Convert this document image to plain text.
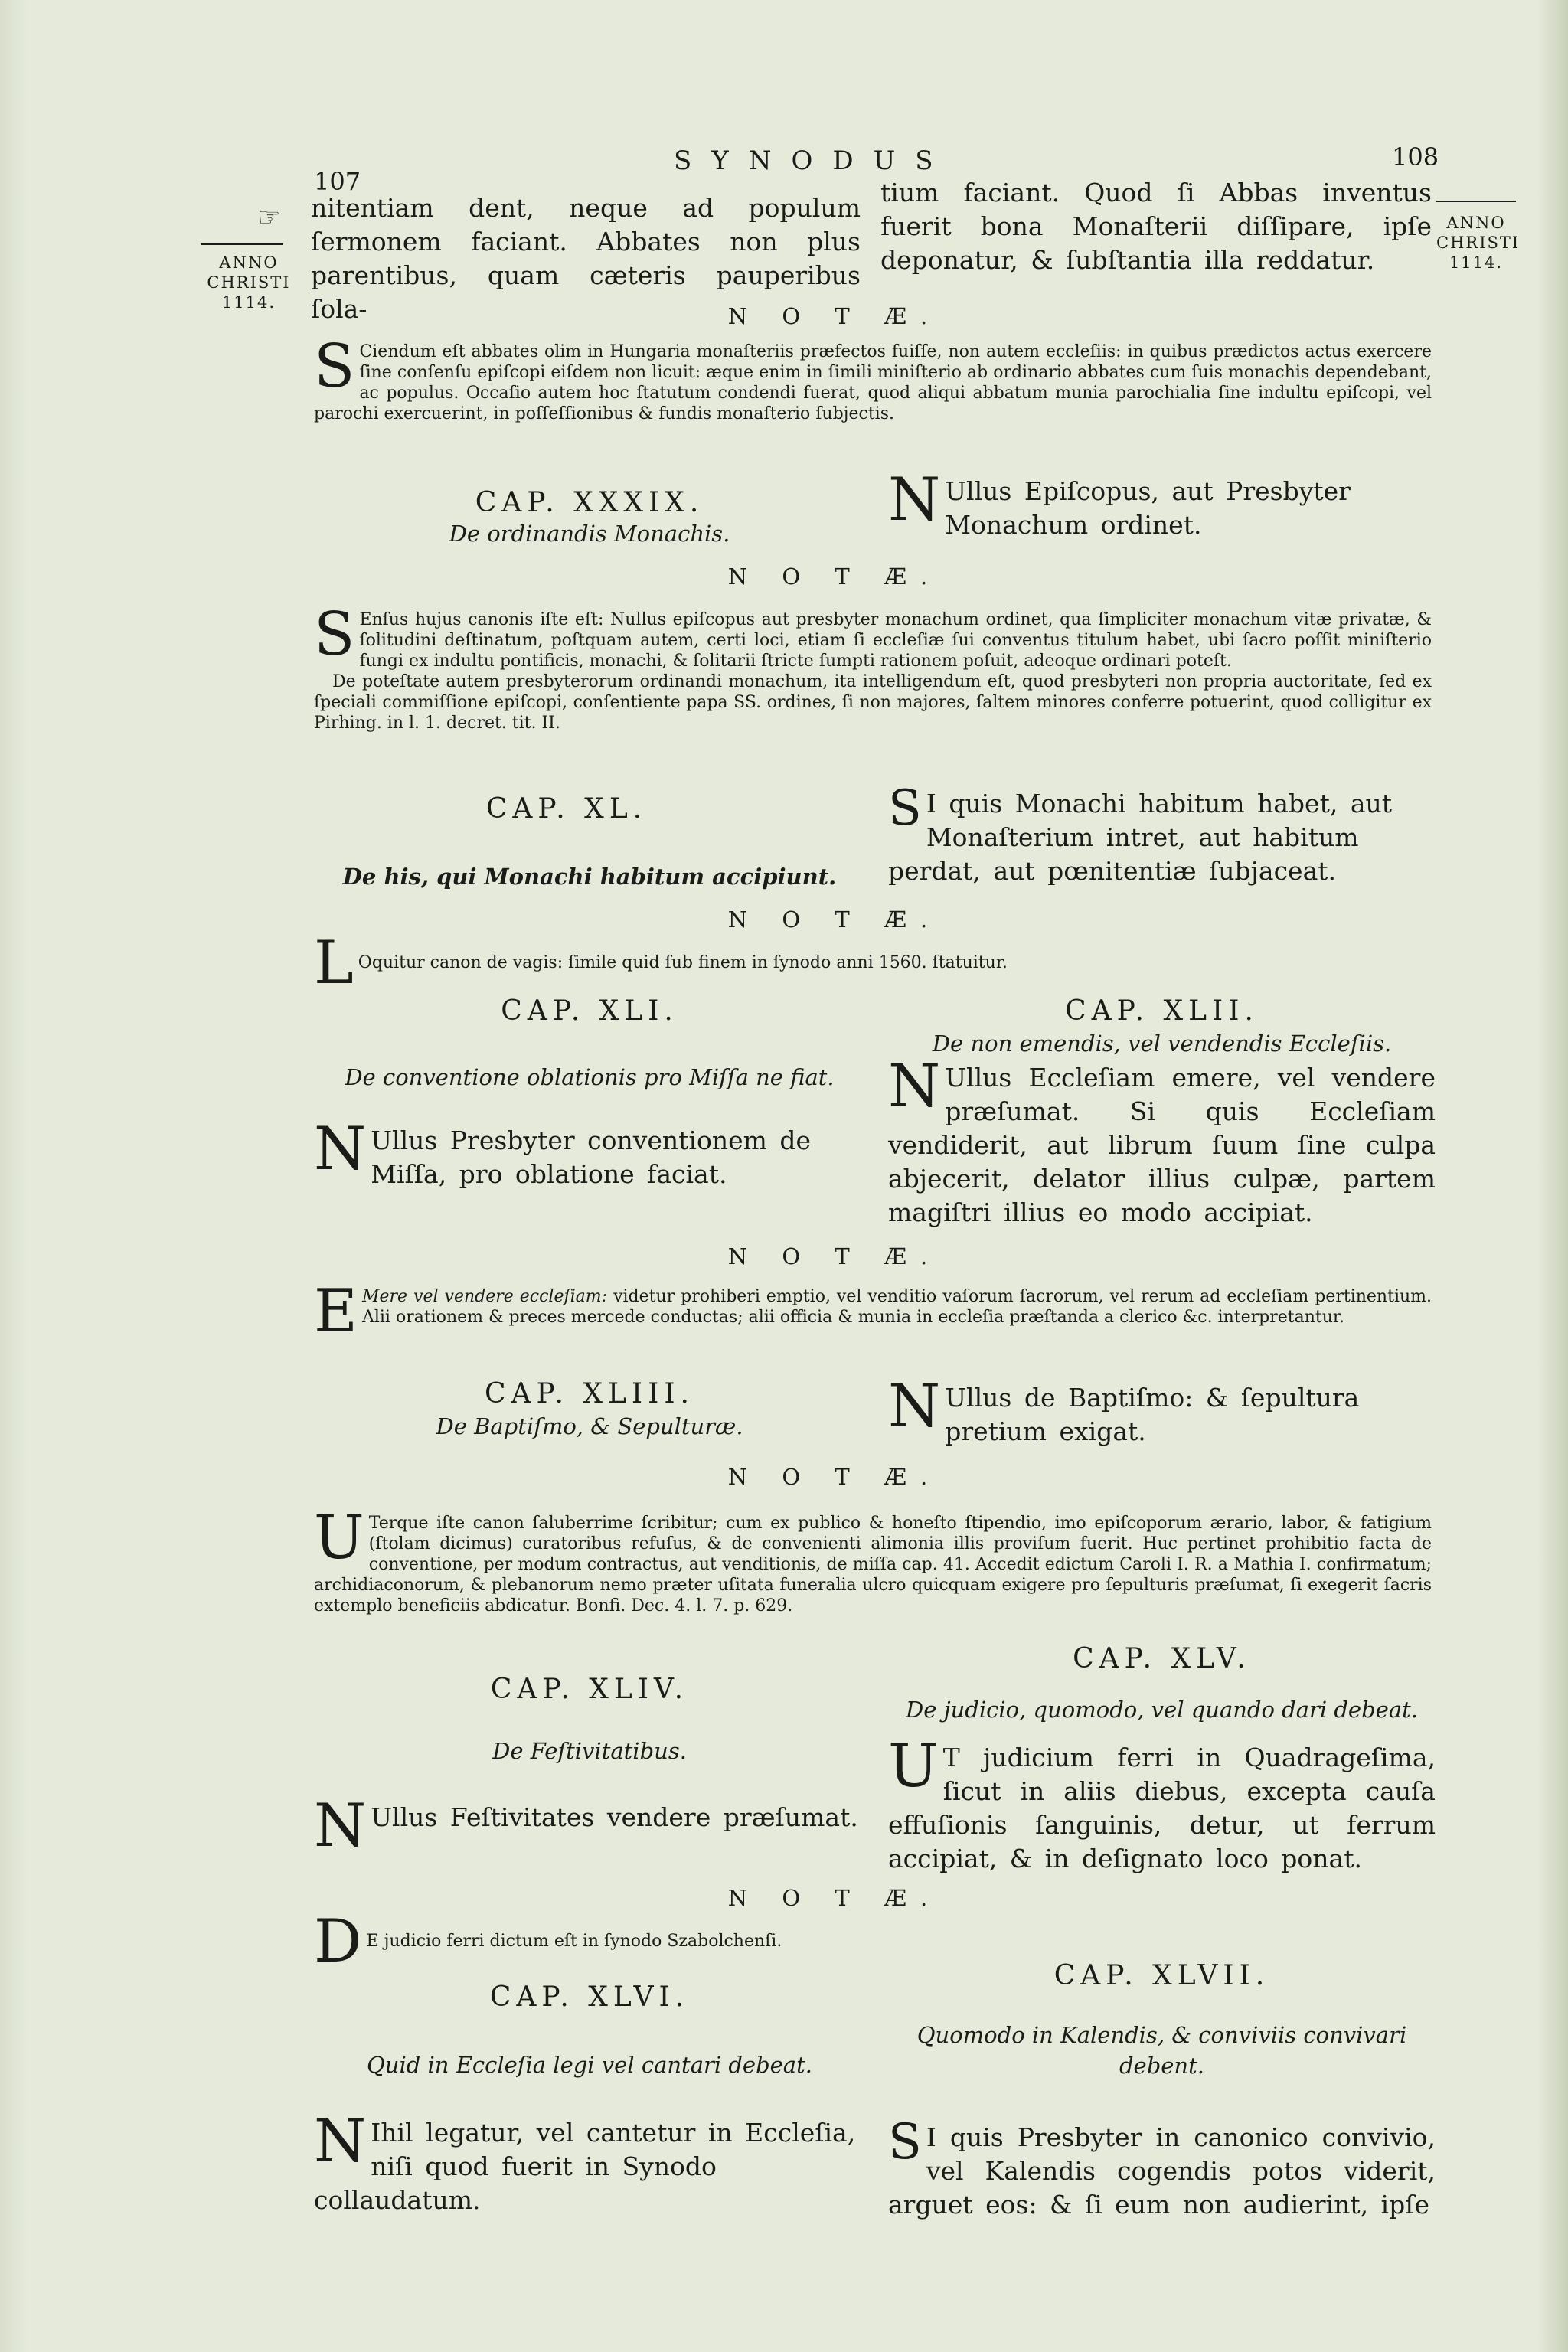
107
SYNODUS	108
☞
ANNO
CHRISTI
1114.
ANNO
CHRISTI
1114.
nitentiam dent, neque ad populum ſermonem faciant. Abbates non plus parentibus, quam cæteris pauperibus ſola-
tium faciant. Quod ſi Abbas inventus fuerit bona Monaſterii diſſipare, ipſe deponatur, & ſubſtantia illa reddatur.
N O T Æ.
S Ciendum eſt abbates olim in Hungaria monaſteriis præfectos fuiſſe, non autem eccleſiis: in quibus prædictos actus exercere ſine conſenſu epiſcopi eiſdem non licuit: æque enim in ſimili miniſterio ab ordinario abbates cum ſuis monachis dependebant, ac populus. Occaſio autem hoc ſtatutum condendi fuerat, quod aliqui abbatum munia parochialia ſine indultu epiſcopi, vel parochi exercuerint, in poſſeſſionibus & fundis monaſterio ſubjectis.
CAP. XXXIX.
De ordinandis Monachis.	N Ullus Epiſcopus, aut Presbyter Monachum ordinet.
N O T Æ.
S Enſus hujus canonis iſte eſt: Nullus epiſcopus aut presbyter monachum ordinet, qua ſimpliciter monachum vitæ privatæ, & ſolitudini deſtinatum, poſtquam autem, certi loci, etiam ſi eccleſiæ ſui conventus titulum habet, ubi ſacro poſſit miniſterio fungi ex indultu pontificis, monachi, & ſolitarii ſtricte ſumpti rationem poſuit, adeoque ordinari poteſt.
De poteſtate autem presbyterorum ordinandi monachum, ita intelligendum eſt, quod presbyteri non propria auctoritate, ſed ex ſpeciali commiſſione epiſcopi, conſentiente papa SS. ordines, ſi non majores, ſaltem minores conferre potuerint, quod colligitur ex Pirhing. in l. 1. decret. tit. II.
CAP. XL.
De his, qui Monachi habitum accipiunt.
S I quis Monachi habitum habet, aut Monaſterium intret, aut habitum perdat, aut pœnitentiæ ſubjaceat.
N O T Æ.
L Oquitur canon de vagis: ſimile quid ſub finem in ſynodo anni 1560. ſtatuitur.
CAP. XLI.
De conventione oblationis pro Miſſa ne fiat.
N Ullus Presbyter conventionem de Miſſa, pro oblatione faciat.
CAP. XLII.
De non emendis, vel vendendis Eccleſiis.
N Ullus Eccleſiam emere, vel vendere præſumat. Si quis Eccleſiam vendiderit, aut librum ſuum ſine culpa abjecerit, delator illius culpæ, partem magiſtri illius eo modo accipiat.
N O T Æ.
E Mere vel vendere eccleſiam: videtur prohiberi emptio, vel venditio vaſorum ſacrorum, vel rerum ad eccleſiam pertinentium. Alii orationem & preces mercede conductas; alii officia & munia in eccleſia præſtanda a clerico &c. interpretantur.
CAP. XLIII.
De Baptiſmo, & Sepulturæ.	N Ullus de Baptiſmo: & ſepultura pretium exigat.
N O T Æ.
U Terque iſte canon ſaluberrime ſcribitur; cum ex publico & honeſto ſtipendio, imo epiſcoporum ærario, labor, & fatigium (ſtolam dicimus) curatoribus refuſus, & de convenienti alimonia illis proviſum fuerit. Huc pertinet prohibitio facta de conventione, per modum contractus, aut venditionis, de miſſa cap. 41. Accedit edictum Caroli I. R. a Mathia I. confirmatum; archidiaconorum, & plebanorum nemo præter uſitata funeralia ulcro quicquam exigere pro ſepulturis præſumat, ſi exegerit ſacris extemplo beneficiis abdicatur. Bonfi. Dec. 4. l. 7. p. 629.
CAP. XLIV.
De Feſtivitatibus.
N Ullus Feſtivitates vendere præſumat.
CAP. XLV.
De judicio, quomodo, vel quando dari debeat.
U T judicium ferri in Quadrageſima, ſicut in aliis diebus, excepta cauſa effuſionis ſanguinis, detur, ut ferrum accipiat, & in deſignato loco ponat.
N O T Æ.
D E judicio ferri dictum eſt in ſynodo Szabolchenſi.
CAP. XLVI.
Quid in Eccleſia legi vel cantari debeat.
N Ihil legatur, vel cantetur in Eccleſia, niſi quod fuerit in Synodo collaudatum.
CAP. XLVII.
Quomodo in Kalendis, & conviviis convivari debent.
S I quis Presbyter in canonico convivio, vel Kalendis cogendis potos viderit, arguet eos: & ſi eum non audierint, ipſe
